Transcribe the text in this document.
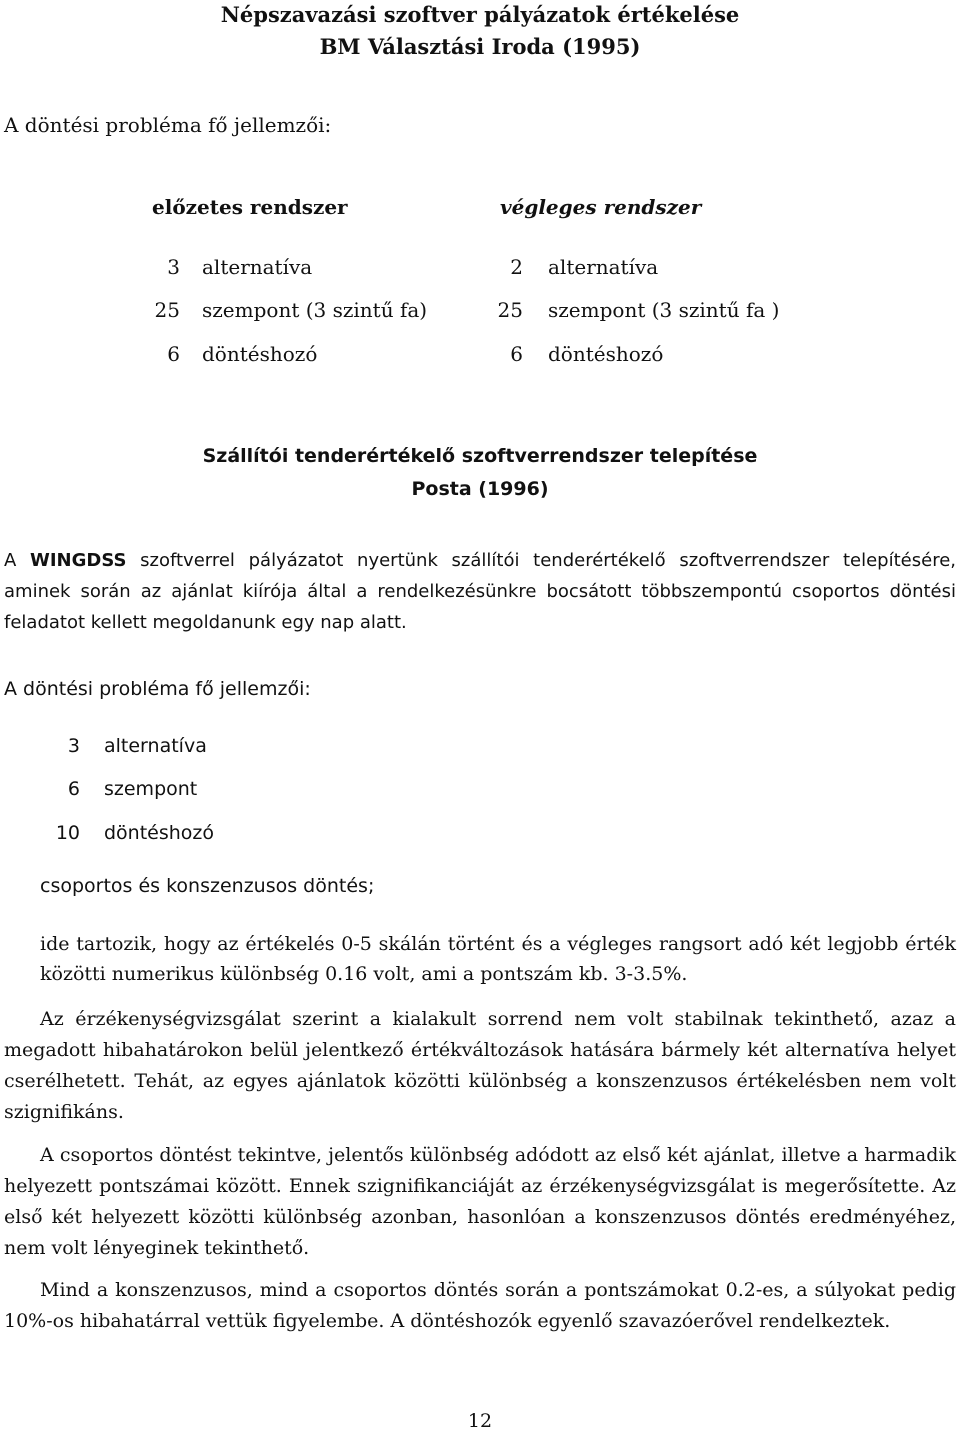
Népszavazási szoftver pályázatok értékelése
BM Választási Iroda (1995)
A döntési probléma fő jellemzői:
előzetes rendszer	végleges rendszer
3 alternatíva
25 szempont (3 szintű fa)
6 döntéshozó
2 alternatíva
25 szempont (3 szintű fa )
6 döntéshozó
Szállítói tenderértékelő szoftverrendszer telepítése
Posta (1996)

A WINGDSS szoftverrel pályázatot nyertünk szállítói tenderértékelő szoftverrendszer telepítésére, aminek során az ajánlat kiírója által a rendelkezésünkre bocsátott többszempontú csoportos döntési feladatot kellett megoldanunk egy nap alatt.

A döntési probléma fő jellemzői:
3 alternatíva
6 szempont
10 döntéshozó
csoportos és konszenzusos döntés;

ide tartozik, hogy az értékelés 0-5 skálán történt és a végleges rangsort adó két legjobb érték közötti numerikus különbség 0.16 volt, ami a pontszám kb. 3-3.5%.

Az érzékenységvizsgálat szerint a kialakult sorrend nem volt stabilnak tekinthető, azaz a megadott hibahatárokon belül jelentkező értékváltozások hatására bármely két alternatíva helyet cserélhetett. Tehát, az egyes ajánlatok közötti különbség a konszenzusos értékelésben nem volt szignifikáns.

A csoportos döntést tekintve, jelentős különbség adódott az első két ajánlat, illetve a harmadik helyezett pontszámai között. Ennek szignifikanciáját az érzékenységvizsgálat is megerősítette. Az első két helyezett közötti különbség azonban, hasonlóan a konszenzusos döntés eredményéhez, nem volt lényeginek tekinthető.

Mind a konszenzusos, mind a csoportos döntés során a pontszámokat 0.2-es, a súlyokat pedig 10%-os hibahatárral vettük figyelembe. A döntéshozók egyenlő szavazóerővel rendelkeztek.

12
